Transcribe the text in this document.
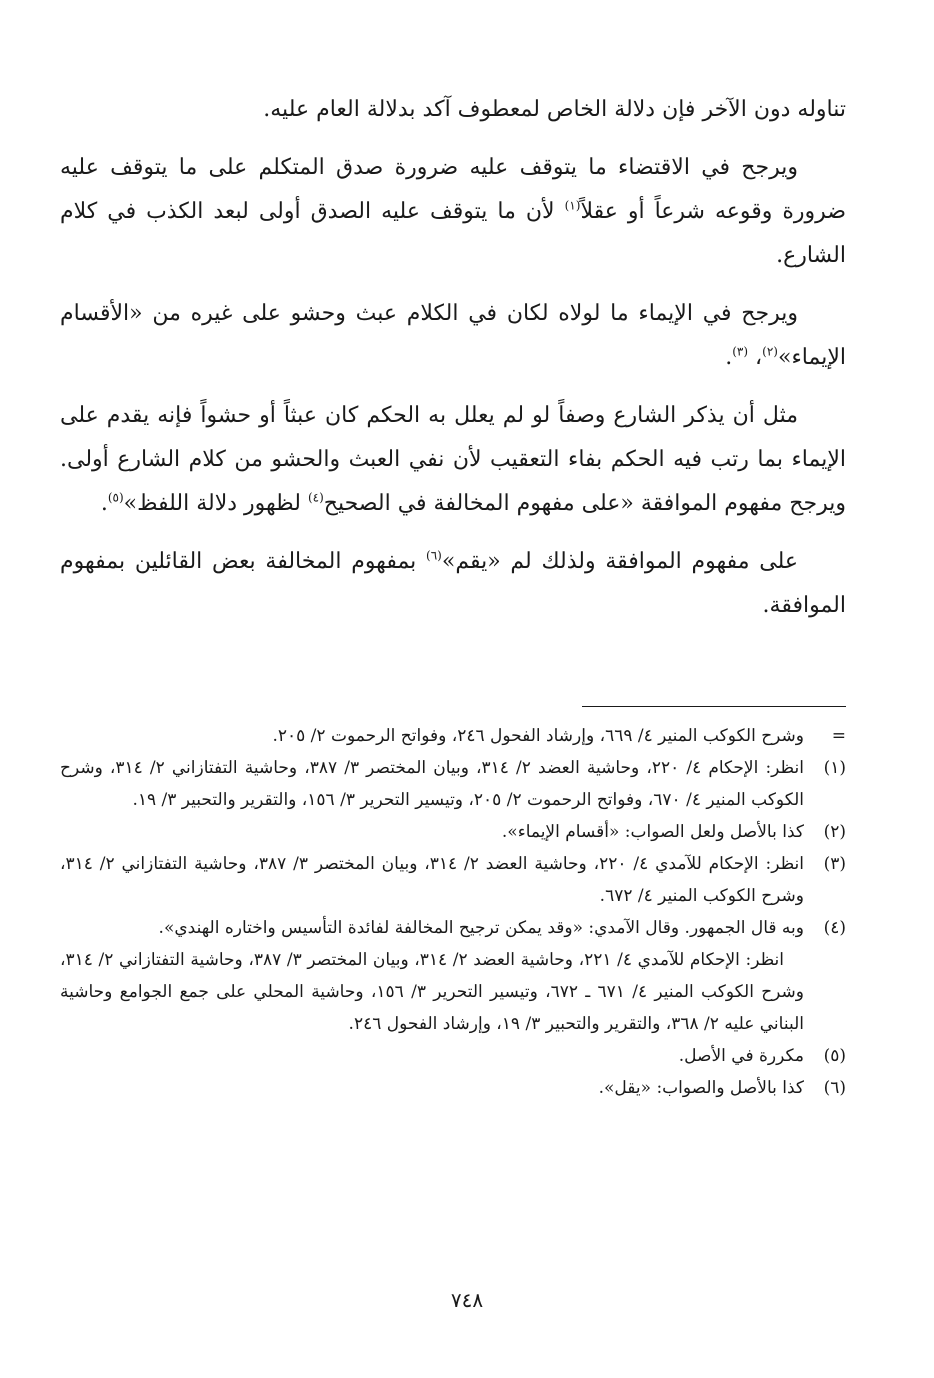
تناوله دون الآخر فإن دلالة الخاص لمعطوف آكد بدلالة العام عليه.

ويرجح في الاقتضاء ما يتوقف عليه ضرورة صدق المتكلم على ما يتوقف عليه ضرورة وقوعه شرعاً أو عقلاً$^{(١)}$ لأن ما يتوقف عليه الصدق أولى لبعد الكذب في كلام الشارع.

ويرجح في الإيماء ما لولاه لكان في الكلام عبث وحشو على غيره من «الأقسام الإيماء»$^{(٢)}$، $^{(٣)}$.

مثل أن يذكر الشارع وصفاً لو لم يعلل به الحكم كان عبثاً أو حشواً فإنه يقدم على الإيماء بما رتب فيه الحكم بفاء التعقيب لأن نفي العبث والحشو من كلام الشارع أولى. ويرجح مفهوم الموافقة «على مفهوم المخالفة في الصحيح$^{(٤)}$ لظهور دلالة اللفظ»$^{(٥)}$.

على مفهوم الموافقة ولذلك لم «يقم»$^{(٦)}$ بمفهوم المخالفة بعض القائلين بمفهوم الموافقة.

=
وشرح الكوكب المنير ٤/ ٦٦٩، وإرشاد الفحول ٢٤٦، وفواتح الرحموت ٢/ ٢٠٥.
(١)
انظر: الإحكام ٤/ ٢٢٠، وحاشية العضد ٢/ ٣١٤، وبيان المختصر ٣/ ٣٨٧، وحاشية التفتازاني ٢/ ٣١٤، وشرح الكوكب المنير ٤/ ٦٧٠، وفواتح الرحموت ٢/ ٢٠٥، وتيسير التحرير ٣/ ١٥٦، والتقرير والتحبير ٣/ ١٩.
(٢)
كذا بالأصل ولعل الصواب: «أقسام الإيماء».
(٣)
انظر: الإحكام للآمدي ٤/ ٢٢٠، وحاشية العضد ٢/ ٣١٤، وبيان المختصر ٣/ ٣٨٧، وحاشية التفتازاني ٢/ ٣١٤، وشرح الكوكب المنير ٤/ ٦٧٢.
(٤)
وبه قال الجمهور. وقال الآمدي: «وقد يمكن ترجيح المخالفة لفائدة التأسيس واختاره الهندي».
انظر: الإحكام للآمدي ٤/ ٢٢١، وحاشية العضد ٢/ ٣١٤، وبيان المختصر ٣/ ٣٨٧، وحاشية التفتازاني ٢/ ٣١٤، وشرح الكوكب المنير ٤/ ٦٧١ ـ ٦٧٢، وتيسير التحرير ٣/ ١٥٦، وحاشية المحلي على جمع الجوامع وحاشية البناني عليه ٢/ ٣٦٨، والتقرير والتحبير ٣/ ١٩، وإرشاد الفحول ٢٤٦.
(٥)
مكررة في الأصل.
(٦)
كذا بالأصل والصواب: «يقل».
٧٤٨
